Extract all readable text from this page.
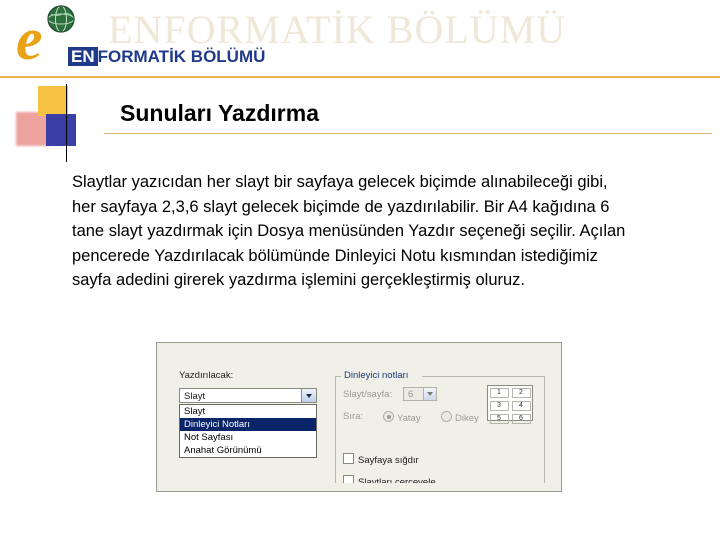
ENFORMATİK BÖLÜMÜ
e	EN FORMATİK BÖLÜMÜ
Sunuları Yazdırma
Slaytlar yazıcıdan her slayt bir sayfaya gelecek biçimde alınabileceği gibi, her sayfaya 2,3,6 slayt gelecek biçimde de yazdırılabilir. Bir A4 kağıdına 6 tane slayt yazdırmak için Dosya menüsünden Yazdır seçeneği seçilir. Açılan pencerede Yazdırılacak bölümünde Dinleyici Notu kısmından istediğimiz sayfa adedini girerek yazdırma işlemini gerçekleştirmiş oluruz.
Yazdırılacak:
Slayt
Slayt
Dinleyici Notları
Not Sayfası
Anahat Görünümü
Dinleyici notları
Slayt/sayfa: 6
Sıra:	Yatay	Dikey
1	2
3	4
5	6
Sayfaya sığdır
